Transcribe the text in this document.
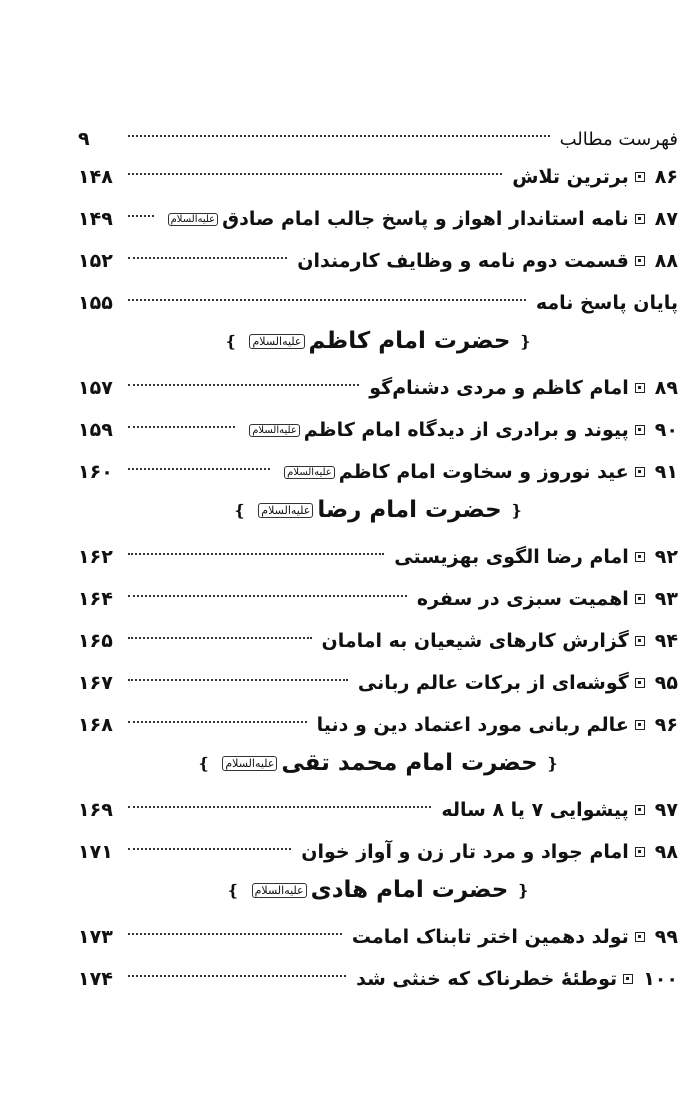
فهرست مطالب
۹
۸۶
برترین تلاش
۱۴۸
۸۷
نامه استاندار اهواز و پاسخ جالب امام صادق
علیه‌السلام
۱۴۹
۸۸
قسمت دوم نامه و وظایف کارمندان
۱۵۲
پایان پاسخ نامه
۱۵۵
❴
حضرت امام کاظم
علیه‌السلام
❵
۸۹
امام کاظم و مردی دشنام‌گو
۱۵۷
۹۰
پیوند و برادری از دیدگاه امام کاظم
علیه‌السلام
۱۵۹
۹۱
عید نوروز و سخاوت امام کاظم
علیه‌السلام
۱۶۰
❴
حضرت امام رضا
علیه‌السلام
❵
۹۲
امام رضا الگوی بهزیستی
۱۶۲
۹۳
اهمیت سبزی در سفره
۱۶۴
۹۴
گزارش کارهای شیعیان به امامان
۱۶۵
۹۵
گوشه‌ای از برکات عالم ربانی
۱۶۷
۹۶
عالم ربانی مورد اعتماد دین و دنیا
۱۶۸
❴
حضرت امام محمد تقی
علیه‌السلام
❵
۹۷
پیشوایی ۷ یا ۸ ساله
۱۶۹
۹۸
امام جواد و مرد تار زن و آواز خوان
۱۷۱
❴
حضرت امام هادی
علیه‌السلام
❵
۹۹
تولد دهمین اختر تابناک امامت
۱۷۳
۱۰۰
توطئهٔ خطرناک که خنثی شد
۱۷۴
